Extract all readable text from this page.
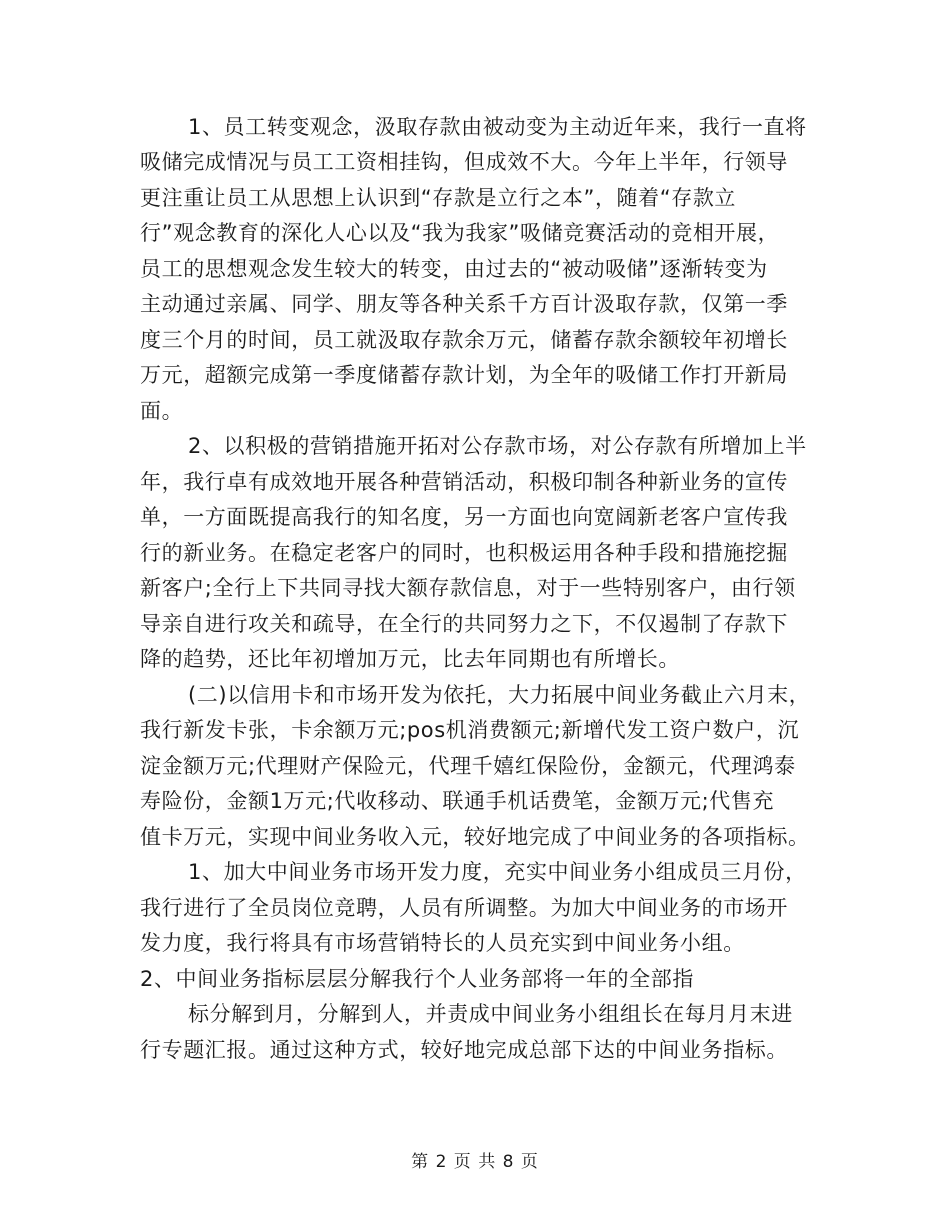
1、员工转变观念，汲取存款由被动变为主动近年来，我行一直将
吸储完成情况与员工工资相挂钩，但成效不大。今年上半年，行领导
更注重让员工从思想上认识到“存款是立行之本”，随着“存款立
行”观念教育的深化人心以及“我为我家”吸储竞赛活动的竞相开展，
员工的思想观念发生较大的转变，由过去的“被动吸储”逐渐转变为
主动通过亲属、同学、朋友等各种关系千方百计汲取存款，仅第一季
度三个月的时间，员工就汲取存款余万元，储蓄存款余额较年初增长
万元，超额完成第一季度储蓄存款计划，为全年的吸储工作打开新局
面。
2、以积极的营销措施开拓对公存款市场，对公存款有所增加上半
年，我行卓有成效地开展各种营销活动，积极印制各种新业务的宣传
单，一方面既提高我行的知名度，另一方面也向宽阔新老客户宣传我
行的新业务。在稳定老客户的同时，也积极运用各种手段和措施挖掘
新客户;全行上下共同寻找大额存款信息，对于一些特别客户，由行领
导亲自进行攻关和疏导，在全行的共同努力之下，不仅遏制了存款下
降的趋势，还比年初增加万元，比去年同期也有所增长。
(二)以信用卡和市场开发为依托，大力拓展中间业务截止六月末，
我行新发卡张，卡余额万元;pos机消费额元;新增代发工资户数户，沉
淀金额万元;代理财产保险元，代理千嬉红保险份，金额元，代理鸿泰
寿险份，金额1万元;代收移动、联通手机话费笔，金额万元;代售充
值卡万元，实现中间业务收入元，较好地完成了中间业务的各项指标。
1、加大中间业务市场开发力度，充实中间业务小组成员三月份，
我行进行了全员岗位竞聘，人员有所调整。为加大中间业务的市场开
发力度，我行将具有市场营销特长的人员充实到中间业务小组。
2、中间业务指标层层分解我行个人业务部将一年的全部指
标分解到月，分解到人，并责成中间业务小组组长在每月月末进
行专题汇报。通过这种方式，较好地完成总部下达的中间业务指标。
第 2 页 共 8 页
